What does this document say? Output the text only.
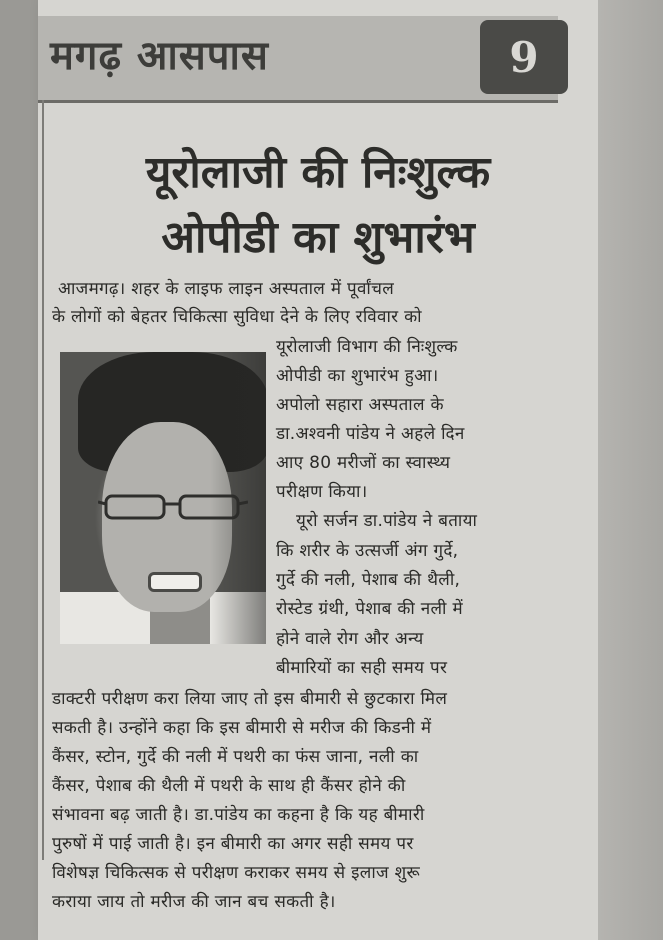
मगढ़ आसपास	9
यूरोलाजी की निःशुल्क
ओपीडी का शुभारंभ
आजमगढ़। शहर के लाइफ लाइन अस्पताल में पूर्वांचल
के लोगों को बेहतर चिकित्सा सुविधा देने के लिए रविवार को
यूरोलाजी विभाग की निःशुल्क
ओपीडी का शुभारंभ हुआ।
अपोलो सहारा अस्पताल के
डा.अश्वनी पांडेय ने अहले दिन
आए 80 मरीजों का स्वास्थ्य
परीक्षण किया।
यूरो सर्जन डा.पांडेय ने बताया
कि शरीर के उत्सर्जी अंग गुर्दे,
गुर्दे की नली, पेशाब की थैली,
रोस्टेड ग्रंथी, पेशाब की नली में
होने वाले रोग और अन्य
बीमारियों का सही समय पर
डाक्टरी परीक्षण करा लिया जाए तो इस बीमारी से छुटकारा मिल
सकती है। उन्होंने कहा कि इस बीमारी से मरीज की किडनी में
कैंसर, स्टोन, गुर्दे की नली में पथरी का फंस जाना, नली का
कैंसर, पेशाब की थैली में पथरी के साथ ही कैंसर होने की
संभावना बढ़ जाती है। डा.पांडेय का कहना है कि यह बीमारी
पुरुषों में पाई जाती है। इन बीमारी का अगर सही समय पर
विशेषज्ञ चिकित्सक से परीक्षण कराकर समय से इलाज शुरू
कराया जाय तो मरीज की जान बच सकती है।
